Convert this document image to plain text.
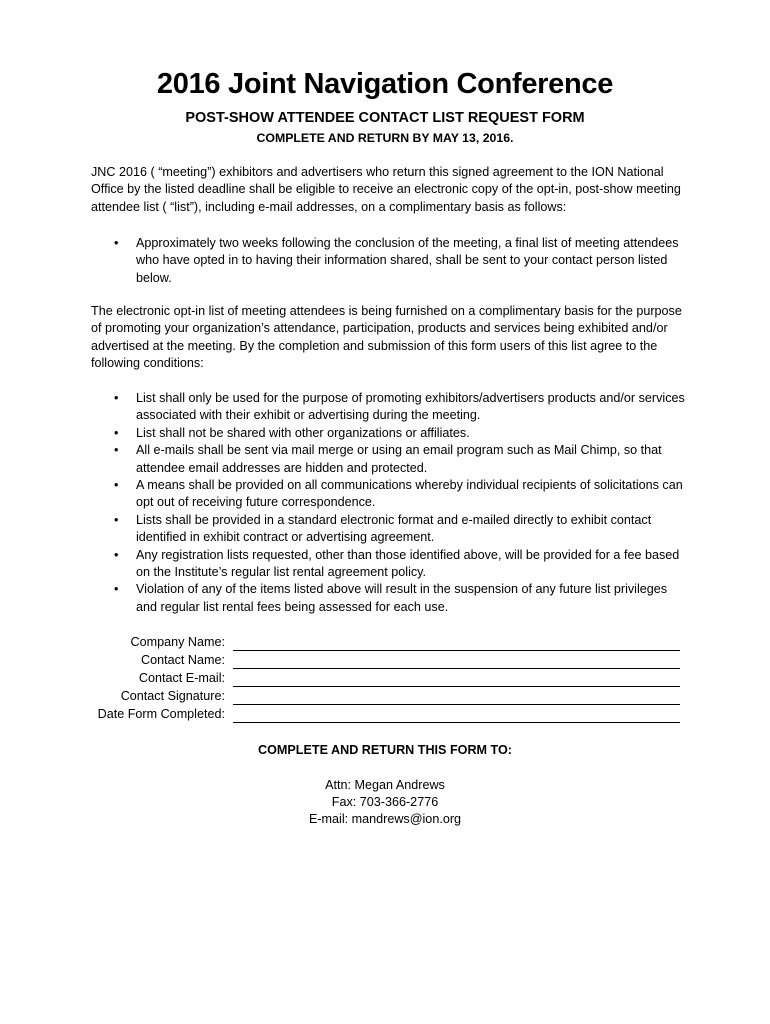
2016 Joint Navigation Conference
POST-SHOW ATTENDEE CONTACT LIST REQUEST FORM
COMPLETE AND RETURN BY MAY 13, 2016.

JNC 2016 ( “meeting”) exhibitors and advertisers who return this signed agreement to the ION National Office by the listed deadline shall be eligible to receive an electronic copy of the opt-in, post-show meeting attendee list ( “list”), including e-mail addresses, on a complimentary basis as follows:

• Approximately two weeks following the conclusion of the meeting, a final list of meeting attendees who have opted in to having their information shared, shall be sent to your contact person listed below.

The electronic opt-in list of meeting attendees is being furnished on a complimentary basis for the purpose of promoting your organization’s attendance, participation, products and services being exhibited and/or advertised at the meeting. By the completion and submission of this form users of this list agree to the following conditions:

• List shall only be used for the purpose of promoting exhibitors/advertisers products and/or services associated with their exhibit or advertising during the meeting.
• List shall not be shared with other organizations or affiliates.
• All e-mails shall be sent via mail merge or using an email program such as Mail Chimp, so that attendee email addresses are hidden and protected.
• A means shall be provided on all communications whereby individual recipients of solicitations can opt out of receiving future correspondence.
• Lists shall be provided in a standard electronic format and e-mailed directly to exhibit contact identified in exhibit contract or advertising agreement.
• Any registration lists requested, other than those identified above, will be provided for a fee based on the Institute’s regular list rental agreement policy.
• Violation of any of the items listed above will result in the suspension of any future list privileges and regular list rental fees being assessed for each use.
Company Name:
Contact Name:
Contact E-mail:
Contact Signature:
Date Form Completed:
COMPLETE AND RETURN THIS FORM TO:
Attn: Megan Andrews
Fax: 703-366-2776
E-mail: mandrews@ion.org
